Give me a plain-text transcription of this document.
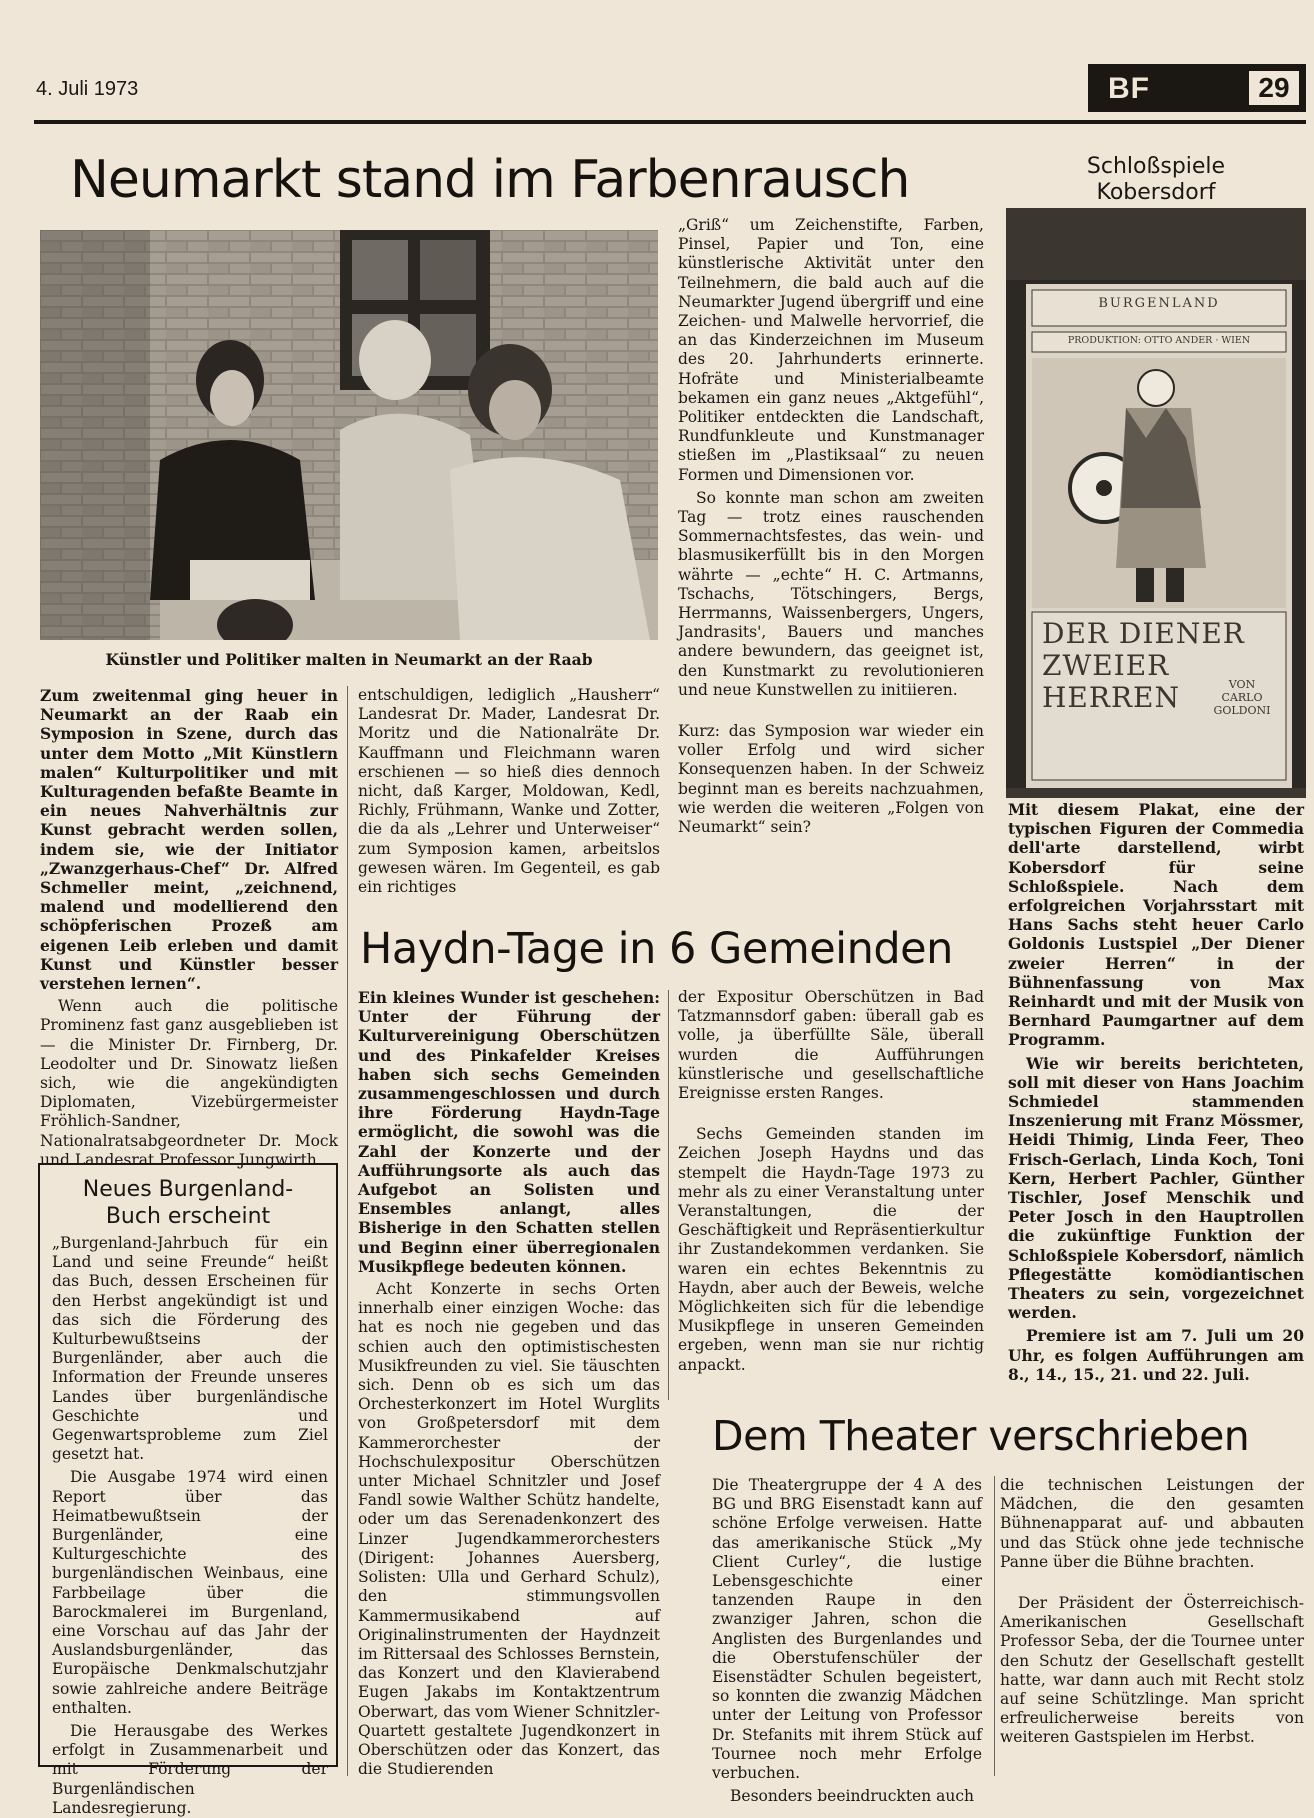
4. Juli 1973	BF	29
Neumarkt stand im Farbenrausch
Künstler und Politiker malten in Neumarkt an der Raab

Zum zweitenmal ging heuer in Neumarkt an der Raab ein Symposion in Szene, durch das unter dem Motto „Mit Künstlern malen“ Kulturpolitiker und mit Kulturagenden befaßte Beamte in ein neues Nahverhältnis zur Kunst gebracht werden sollen, indem sie, wie der Initiator „Zwanzgerhaus-Chef“ Dr. Alfred Schmeller meint, „zeichnend, malend und modellierend den schöpferischen Prozeß am eigenen Leib erleben und damit Kunst und Künstler besser verstehen lernen“.

Wenn auch die politische Prominenz fast ganz ausgeblieben ist — die Minister Dr. Firnberg, Dr. Leodolter und Dr. Sinowatz ließen sich, wie die angekündigten Diplomaten, Vizebürgermeister Fröhlich-Sandner, Nationalratsabgeordneter Dr. Mock und Landesrat Professor Jungwirth

entschuldigen, lediglich „Hausherr“ Landesrat Dr. Mader, Landesrat Dr. Moritz und die Nationalräte Dr. Kauffmann und Fleichmann waren erschienen — so hieß dies dennoch nicht, daß Karger, Moldowan, Kedl, Richly, Frühmann, Wanke und Zotter, die da als „Lehrer und Unterweiser“ zum Symposion kamen, arbeitslos gewesen wären. Im Gegenteil, es gab ein richtiges

„Griß“ um Zeichenstifte, Farben, Pinsel, Papier und Ton, eine künstlerische Aktivität unter den Teilnehmern, die bald auch auf die Neumarkter Jugend übergriff und eine Zeichen- und Malwelle hervorrief, die an das Kinderzeichnen im Museum des 20. Jahrhunderts erinnerte. Hofräte und Ministerialbeamte bekamen ein ganz neues „Aktgefühl“, Politiker entdeckten die Landschaft, Rundfunkleute und Kunstmanager stießen im „Plastiksaal“ zu neuen Formen und Dimensionen vor.

So konnte man schon am zweiten Tag — trotz eines rauschenden Sommernachtsfestes, das wein- und blasmusikerfüllt bis in den Morgen währte — „echte“ H. C. Artmanns, Tschachs, Tötschingers, Bergs, Herrmanns, Waissenbergers, Ungers, Jandrasits', Bauers und manches andere bewundern, das geeignet ist, den Kunstmarkt zu revolutionieren und neue Kunstwellen zu initiieren.

Kurz: das Symposion war wieder ein voller Erfolg und wird sicher Konsequenzen haben. In der Schweiz beginnt man es bereits nachzuahmen, wie werden die weiteren „Folgen von Neumarkt“ sein?

Schloßspiele
Kobersdorf
BURGENLAND
PRODUKTION: OTTO ANDER · WIEN
DER DIENER
ZWEIER
HERREN	VON
CARLO
GOLDONI

Mit diesem Plakat, eine der typischen Figuren der Commedia dell'arte darstellend, wirbt Kobersdorf für seine Schloßspiele. Nach dem erfolgreichen Vorjahrsstart mit Hans Sachs steht heuer Carlo Goldonis Lustspiel „Der Diener zweier Herren“ in der Bühnenfassung von Max Reinhardt und mit der Musik von Bernhard Paumgartner auf dem Programm.

Wie wir bereits berichteten, soll mit dieser von Hans Joachim Schmiedel stammenden Inszenierung mit Franz Mössmer, Heidi Thimig, Linda Feer, Theo Frisch-Gerlach, Linda Koch, Toni Kern, Herbert Pachler, Günther Tischler, Josef Menschik und Peter Josch in den Hauptrollen die zukünftige Funktion der Schloßspiele Kobersdorf, nämlich Pflegestätte komödiantischen Theaters zu sein, vorgezeichnet werden.

Premiere ist am 7. Juli um 20 Uhr, es folgen Aufführungen am 8., 14., 15., 21. und 22. Juli.

Neues Burgenland-
Buch erscheint

„Burgenland-Jahrbuch für ein Land und seine Freunde“ heißt das Buch, dessen Erscheinen für den Herbst angekündigt ist und das sich die Förderung des Kulturbewußtseins der Burgenländer, aber auch die Information der Freunde unseres Landes über burgenländische Geschichte und Gegenwartsprobleme zum Ziel gesetzt hat.

Die Ausgabe 1974 wird einen Report über das Heimatbewußtsein der Burgenländer, eine Kulturgeschichte des burgenländischen Weinbaus, eine Farbbeilage über die Barockmalerei im Burgenland, eine Vorschau auf das Jahr der Auslandsburgenländer, das Europäische Denkmalschutzjahr sowie zahlreiche andere Beiträge enthalten.

Die Herausgabe des Werkes erfolgt in Zusammenarbeit und mit Förderung der Burgenländischen Landesregierung.

Haydn-Tage in 6 Gemeinden

Ein kleines Wunder ist geschehen: Unter der Führung der Kulturvereinigung Oberschützen und des Pinkafelder Kreises haben sich sechs Gemeinden zusammengeschlossen und durch ihre Förderung Haydn-Tage ermöglicht, die sowohl was die Zahl der Konzerte und der Aufführungsorte als auch das Aufgebot an Solisten und Ensembles anlangt, alles Bisherige in den Schatten stellen und Beginn einer überregionalen Musikpflege bedeuten können.

Acht Konzerte in sechs Orten innerhalb einer einzigen Woche: das hat es noch nie gegeben und das schien auch den optimistischesten Musikfreunden zu viel. Sie täuschten sich. Denn ob es sich um das Orchesterkonzert im Hotel Wurglits von Großpetersdorf mit dem Kammerorchester der Hochschulexpositur Oberschützen unter Michael Schnitzler und Josef Fandl sowie Walther Schütz handelte, oder um das Serenadenkonzert des Linzer Jugendkammerorchesters (Dirigent: Johannes Auersberg, Solisten: Ulla und Gerhard Schulz), den stimmungsvollen Kammermusikabend auf Originalinstrumenten der Haydnzeit im Rittersaal des Schlosses Bernstein, das Konzert und den Klavierabend Eugen Jakabs im Kontaktzentrum Oberwart, das vom Wiener Schnitzler-Quartett gestaltete Jugendkonzert in Oberschützen oder das Konzert, das die Studierenden

der Expositur Oberschützen in Bad Tatzmannsdorf gaben: überall gab es volle, ja überfüllte Säle, überall wurden die Aufführungen künstlerische und gesellschaftliche Ereignisse ersten Ranges.

Sechs Gemeinden standen im Zeichen Joseph Haydns und das stempelt die Haydn-Tage 1973 zu mehr als zu einer Veranstaltung unter Veranstaltungen, die der Geschäftigkeit und Repräsentierkultur ihr Zustandekommen verdanken. Sie waren ein echtes Bekenntnis zu Haydn, aber auch der Beweis, welche Möglichkeiten sich für die lebendige Musikpflege in unseren Gemeinden ergeben, wenn man sie nur richtig anpackt.

Dem Theater verschrieben

Die Theatergruppe der 4 A des BG und BRG Eisenstadt kann auf schöne Erfolge verweisen. Hatte das amerikanische Stück „My Client Curley“, die lustige Lebensgeschichte einer tanzenden Raupe in den zwanziger Jahren, schon die Anglisten des Burgenlandes und die Oberstufenschüler der Eisenstädter Schulen begeistert, so konnten die zwanzig Mädchen unter der Leitung von Professor Dr. Stefanits mit ihrem Stück auf Tournee noch mehr Erfolge verbuchen.

Besonders beeindruckten auch

die technischen Leistungen der Mädchen, die den gesamten Bühnenapparat auf- und abbauten und das Stück ohne jede technische Panne über die Bühne brachten.

Der Präsident der Österreichisch-Amerikanischen Gesellschaft Professor Seba, der die Tournee unter den Schutz der Gesellschaft gestellt hatte, war dann auch mit Recht stolz auf seine Schützlinge. Man spricht erfreulicherweise bereits von weiteren Gastspielen im Herbst.
